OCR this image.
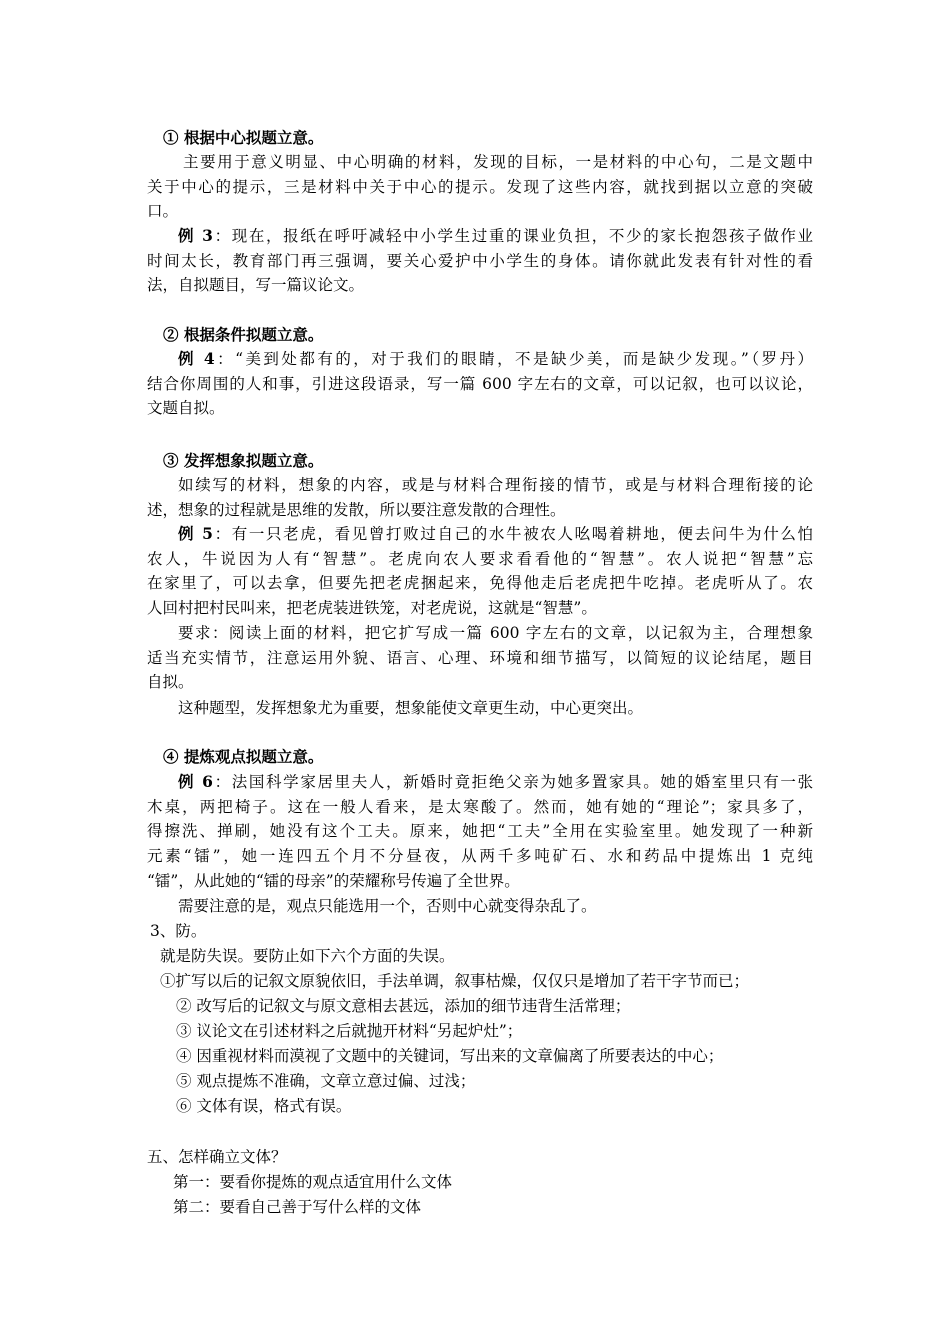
① 根据中心拟题立意。
主要用于意义明显、中心明确的材料，发现的目标，一是材料的中心句，二是文题中
关于中心的提示，三是材料中关于中心的提示。发现了这些内容，就找到据以立意的突破
口。
例 3：现在，报纸在呼吁减轻中小学生过重的课业负担，不少的家长抱怨孩子做作业
时间太长，教育部门再三强调，要关心爱护中小学生的身体。请你就此发表有针对性的看
法，自拟题目，写一篇议论文。
② 根据条件拟题立意。
例 4：“美到处都有的，对于我们的眼睛，不是缺少美，而是缺少发现。”（罗丹）
结合你周围的人和事，引进这段语录，写一篇 600 字左右的文章，可以记叙，也可以议论，
文题自拟。
③ 发挥想象拟题立意。
如续写的材料，想象的内容，或是与材料合理衔接的情节，或是与材料合理衔接的论
述，想象的过程就是思维的发散，所以要注意发散的合理性。
例 5：有一只老虎，看见曾打败过自己的水牛被农人吆喝着耕地，便去问牛为什么怕
农人，牛说因为人有“智慧”。老虎向农人要求看看他的“智慧”。农人说把“智慧”忘
在家里了，可以去拿，但要先把老虎捆起来，免得他走后老虎把牛吃掉。老虎听从了。农
人回村把村民叫来，把老虎装进铁笼，对老虎说，这就是“智慧”。
要求：阅读上面的材料，把它扩写成一篇 600 字左右的文章，以记叙为主，合理想象
适当充实情节，注意运用外貌、语言、心理、环境和细节描写，以简短的议论结尾，题目
自拟。
这种题型，发挥想象尤为重要，想象能使文章更生动，中心更突出。
④ 提炼观点拟题立意。
例 6：法国科学家居里夫人，新婚时竟拒绝父亲为她多置家具。她的婚室里只有一张
木桌，两把椅子。这在一般人看来，是太寒酸了。然而，她有她的“理论”；家具多了，
得擦洗、掸刷，她没有这个工夫。原来，她把“工夫”全用在实验室里。她发现了一种新
元素“镭”，她一连四五个月不分昼夜，从两千多吨矿石、水和药品中提炼出 1 克纯
“镭”，从此她的“镭的母亲”的荣耀称号传遍了全世界。
需要注意的是，观点只能选用一个，否则中心就变得杂乱了。
3、防。
就是防失误。要防止如下六个方面的失误。
①扩写以后的记叙文原貌依旧，手法单调，叙事枯燥，仅仅只是增加了若干字节而已；
② 改写后的记叙文与原文意相去甚远，添加的细节违背生活常理；
③ 议论文在引述材料之后就抛开材料“另起炉灶”；
④ 因重视材料而漠视了文题中的关键词，写出来的文章偏离了所要表达的中心；
⑤ 观点提炼不准确，文章立意过偏、过浅；
⑥ 文体有误，格式有误。
五、怎样确立文体？
第一：要看你提炼的观点适宜用什么文体
第二：要看自己善于写什么样的文体
